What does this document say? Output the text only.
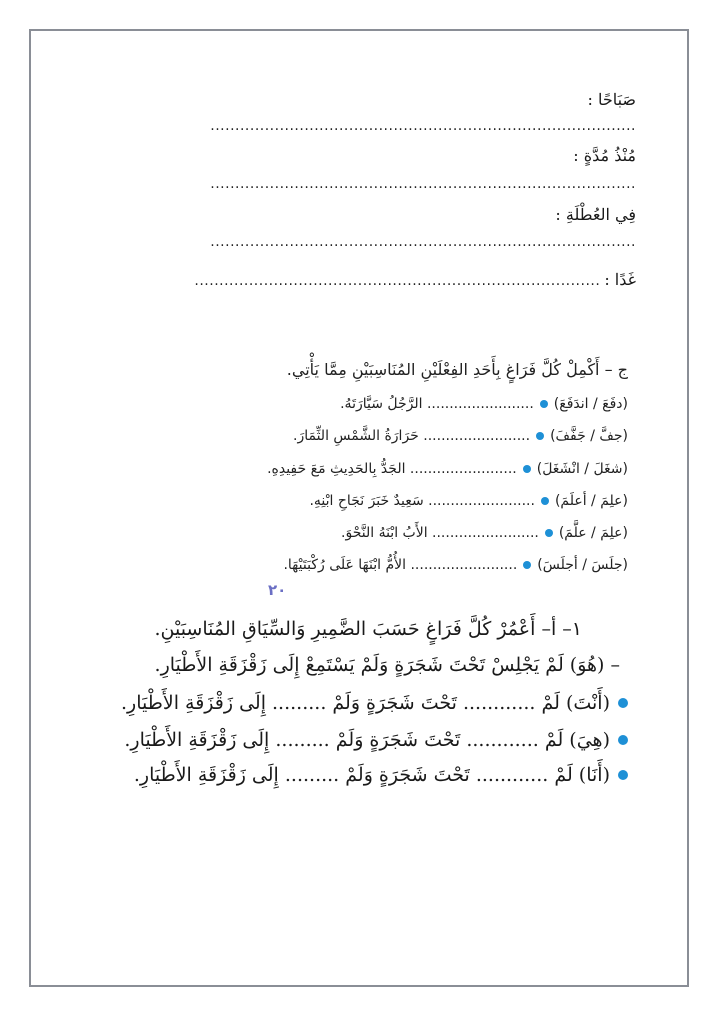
صَبَاحًا :
......................................................................................
مُنْذُ مُدَّةٍ :
......................................................................................
فِي العُطْلَةِ :
......................................................................................
غَدًا :
..................................................................................
ج – أَكْمِلْ كُلَّ فَرَاغٍ بِأَحَدِ الفِعْلَيْنِ المُنَاسِبَيْنِ مِمَّا يَأْتِي.
(دفَعَ / اندَفَعَ)
........................ الرَّجُلُ سَيَّارَتَهُ.
(جفَّ / جَفَّفَ)
........................ حَرَارَةُ الشَّمْسِ الثِّمَارَ.
(شغَلَ / انْشَغَلَ)
........................ الجَدُّ بِالحَدِيثِ مَعَ حَفِيدِهِ.
(علِمَ / أعلَمَ)
........................ سَعِيدٌ خَبَرَ نَجَاحِ ابْنِهِ.
(علِمَ / علَّمَ)
........................ الأَبُ ابْنَهُ النَّحْوَ.
(جلَسَ / أجلَسَ)
........................ الأُمُّ ابْنَهَا عَلَى رُكْبَتَيْهَا.
٢٠
١– أ– أَعْمُرْ كُلَّ فَرَاغٍ حَسَبَ الضَّمِيرِ وَالسِّيَاقِ المُنَاسِبَيْنِ.
– (هُوَ) لَمْ يَجْلِسْ تَحْتَ شَجَرَةٍ وَلَمْ يَسْتَمِعْ إِلَى زَقْزَقَةِ الأَطْيَارِ.
(أَنْتَ) لَمْ ............ تَحْتَ شَجَرَةٍ وَلَمْ ......... إِلَى زَقْزَقَةِ الأَطْيَارِ.
(هِيَ) لَمْ ............ تَحْتَ شَجَرَةٍ وَلَمْ ......... إِلَى زَقْزَقَةِ الأَطْيَارِ.
(أَنَا) لَمْ ............ تَحْتَ شَجَرَةٍ وَلَمْ ......... إِلَى زَقْزَقَةِ الأَطْيَارِ.
